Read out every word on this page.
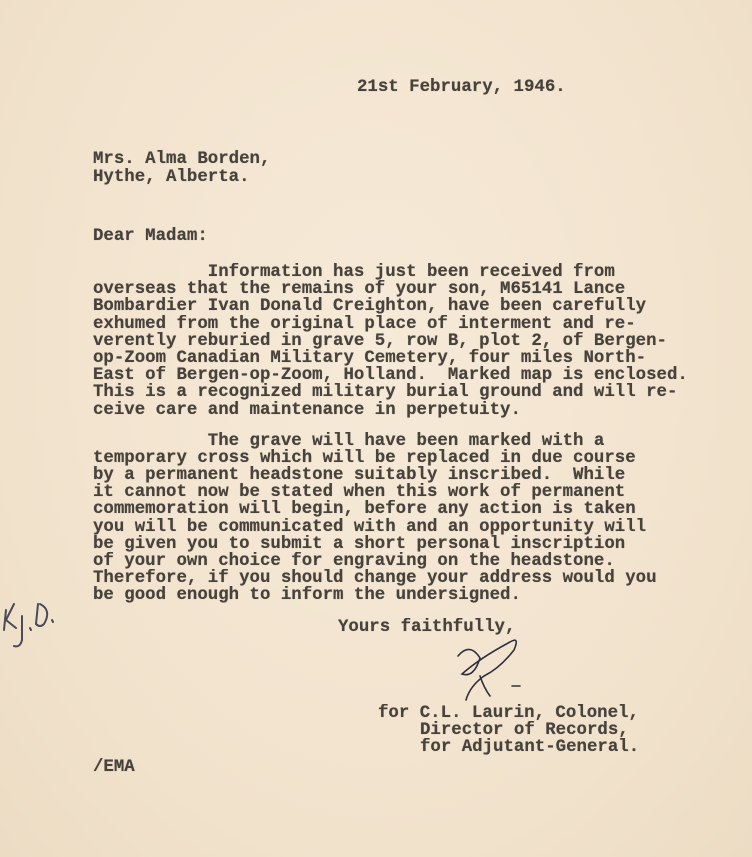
21st February, 1946.
Mrs. Alma Borden,
Hythe, Alberta.
Dear Madam:
Information has just been received from
overseas that the remains of your son, M65141 Lance
Bombardier Ivan Donald Creighton, have been carefully
exhumed from the original place of interment and re-
verently reburied in grave 5, row B, plot 2, of Bergen-
op-Zoom Canadian Military Cemetery, four miles North-
East of Bergen-op-Zoom, Holland.  Marked map is enclosed.
This is a recognized military burial ground and will re-
ceive care and maintenance in perpetuity.
The grave will have been marked with a
temporary cross which will be replaced in due course
by a permanent headstone suitably inscribed.  While
it cannot now be stated when this work of permanent
commemoration will begin, before any action is taken
you will be communicated with and an opportunity will
be given you to submit a short personal inscription
of your own choice for engraving on the headstone.
Therefore, if you should change your address would you
be good enough to inform the undersigned.
Yours faithfully,
for C.L. Laurin, Colonel,
Director of Records,
for Adjutant-General.
/EMA
